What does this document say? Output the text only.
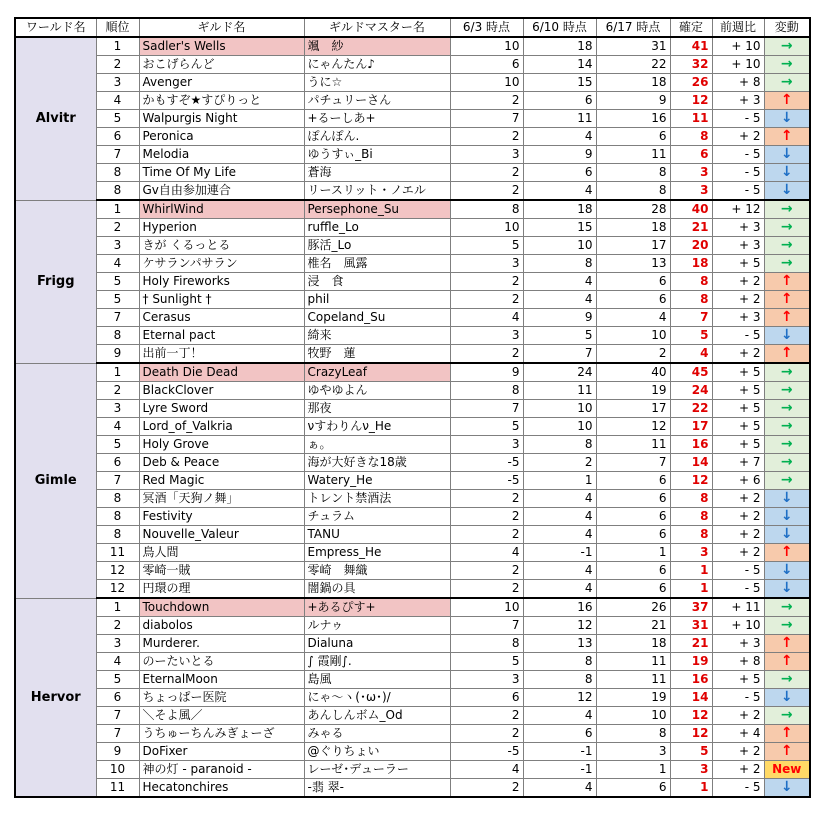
ワールド名	順位	ギルド名	ギルドマスター名	6/3 時点	6/10 時点	6/17 時点	確定	前週比	変動
Alvitr	1	Sadler's Wells	颯　紗	10	18	31	41	+ 10	→
	2	おこげらんど	にゃんたん♪	6	14	22	32	+ 10	→
	3	Avenger	うに☆	10	15	18	26	+ 8	→
	4	かもすぞ★すぴりっと	パチュリーさん	2	6	9	12	+ 3	↑
	5	Walpurgis Night	+るーしあ+	7	11	16	11	- 5	↓
	6	Peronica	ぽんぽん.	2	4	6	8	+ 2	↑
	7	Melodia	ゆうすぃ_Bi	3	9	11	6	- 5	↓
	8	Time Of My Life	蒼海	2	6	8	3	- 5	↓
	8	Gv自由参加連合	リースリット・ノエル	2	4	8	3	- 5	↓
Frigg	1	WhirlWind	Persephone_Su	8	18	28	40	+ 12	→
	2	Hyperion	ruffle_Lo	10	15	18	21	+ 3	→
	3	きが くるっとる	豚活_Lo	5	10	17	20	+ 3	→
	4	ケサランパサラン	椎名　風露	3	8	13	18	+ 5	→
	5	Holy Fireworks	浸　食	2	4	6	8	+ 2	↑
	5	† Sunlight †	phil	2	4	6	8	+ 2	↑
	7	Cerasus	Copeland_Su	4	9	4	7	+ 3	↑
	8	Eternal pact	綺来	3	5	10	5	- 5	↓
	9	出前一丁！	牧野　蓮	2	7	2	4	+ 2	↑
Gimle	1	Death Die Dead	CrazyLeaf	9	24	40	45	+ 5	→
	2	BlackClover	ゆやゆよん	8	11	19	24	+ 5	→
	3	Lyre Sword	那夜	7	10	17	22	+ 5	→
	4	Lord_of_Valkria	νすわりんν_He	5	10	12	17	+ 5	→
	5	Holy Grove	ぁ。	3	8	11	16	+ 5	→
	6	Deb & Peace	海が大好きな18歳	-5	2	7	14	+ 7	→
	7	Red Magic	Watery_He	-5	1	6	12	+ 6	→
	8	冥酒「天狗ノ舞」	トレント禁酒法	2	4	6	8	+ 2	↓
	8	Festivity	チュラム	2	4	6	8	+ 2	↓
	8	Nouvelle_Valeur	TANU	2	4	6	8	+ 2	↓
	11	鳥人間	Empress_He	4	-1	1	3	+ 2	↑
	12	零崎一賊	零崎　舞織	2	4	6	1	- 5	↓
	12	円環の理	闇鍋の具	2	4	6	1	- 5	↓
Hervor	1	Touchdown	+あるぴす+	10	16	26	37	+ 11	→
	2	diabolos	ルナゥ	7	12	21	31	+ 10	→
	3	Murderer.	Dialuna	8	13	18	21	+ 3	↑
	4	のーたいとる	∫ 霞剛∫.	5	8	11	19	+ 8	↑
	5	EternalMoon	島風	3	8	11	16	+ 5	→
	6	ちょっぱー医院	にゃ～ヽ(･ω･)/	6	12	19	14	- 5	↓
	7	＼そよ風／	あんしんボム_Od	2	4	10	12	+ 2	→
	7	うちゅーちんみぎょーざ	みゃる	2	6	8	12	+ 4	↑
	9	DoFixer	@ぐりちょい	-5	-1	3	5	+ 2	↑
	10	神の灯 - paranoid -	レーゼ･デューラー	4	-1	1	3	+ 2	New
	11	Hecatonchires	-翡 翠-	2	4	6	1	- 5	↓
